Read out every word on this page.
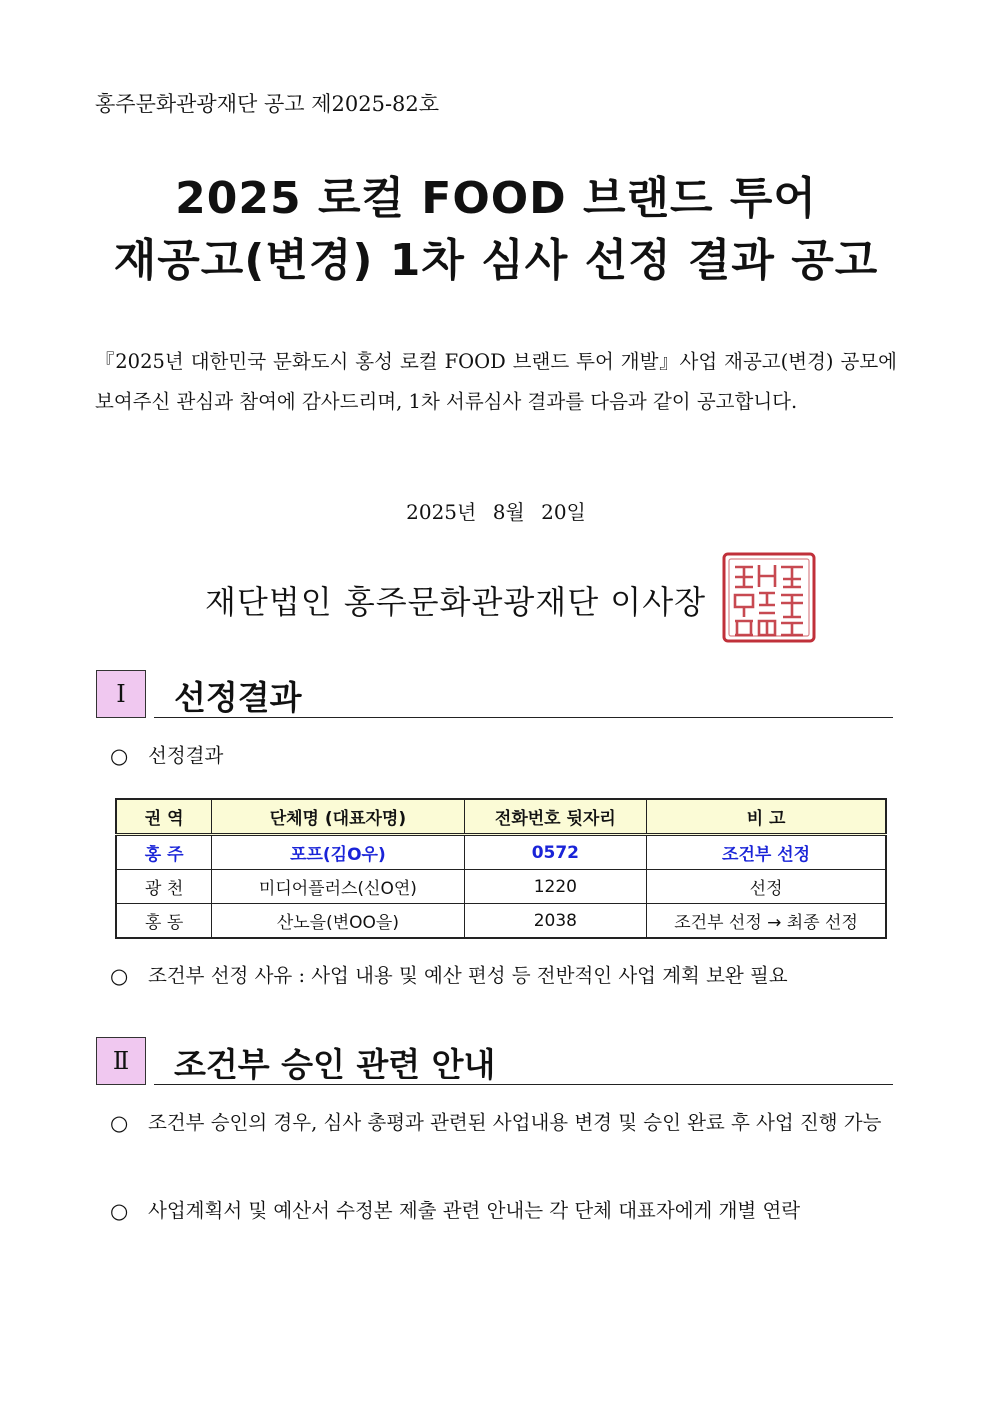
홍주문화관광재단 공고 제2025-82호
2025 로컬 FOOD 브랜드 투어
재공고(변경) 1차 심사 선정 결과 공고
『2025년 대한민국 문화도시 홍성 로컬 FOOD 브랜드 투어 개발』사업 재공고(변경) 공모에 보여주신 관심과 참여에 감사드리며, 1차 서류심사 결과를 다음과 같이 공고합니다.
2025년 8월 20일
재단법인 홍주문화관광재단 이사장
Ⅰ	선정결과
○	선정결과
권 역	단체명 (대표자명)	전화번호 뒷자리	비 고
홍 주	포프(김O우)	0572	조건부 선정
광 천	미디어플러스(신O연)	1220	선정
홍 동	산노을(변OO을)	2038	조건부 선정 → 최종 선정
○	조건부 선정 사유 : 사업 내용 및 예산 편성 등 전반적인 사업 계획 보완 필요
Ⅱ	조건부 승인 관련 안내
○	조건부 승인의 경우, 심사 총평과 관련된 사업내용 변경 및 승인 완료 후 사업 진행 가능
○	사업계획서 및 예산서 수정본 제출 관련 안내는 각 단체 대표자에게 개별 연락
